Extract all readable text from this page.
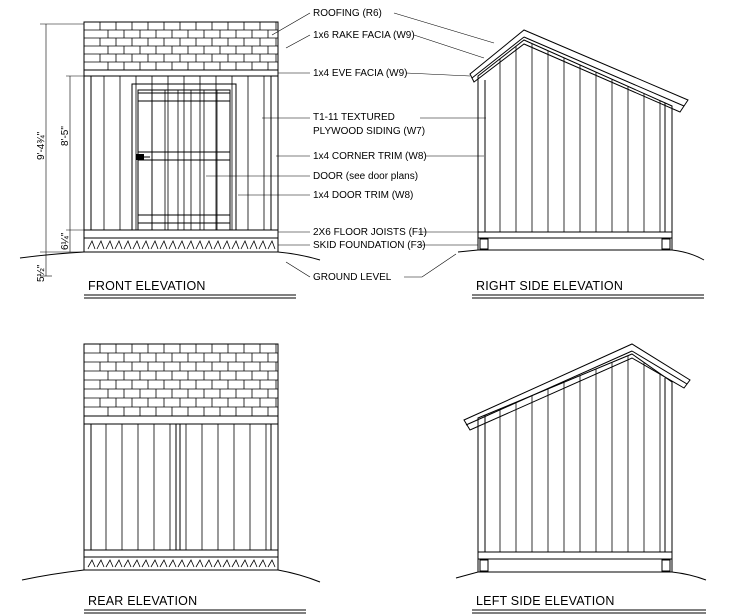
9'-4¾" 8'-5"
6¼"
5½"
FRONT ELEVATION
ROOFING (R6)
1x6 RAKE FACIA (W9)
1x4 EVE FACIA (W9)
T1-11 TEXTURED
PLYWOOD SIDING (W7)
1x4 CORNER TRIM (W8)
DOOR (see door plans)
1x4 DOOR TRIM (W8)
2X6 FLOOR JOISTS (F1)
SKID FOUNDATION (F3)
GROUND LEVEL
RIGHT SIDE ELEVATION
REAR ELEVATION	LEFT SIDE ELEVATION
